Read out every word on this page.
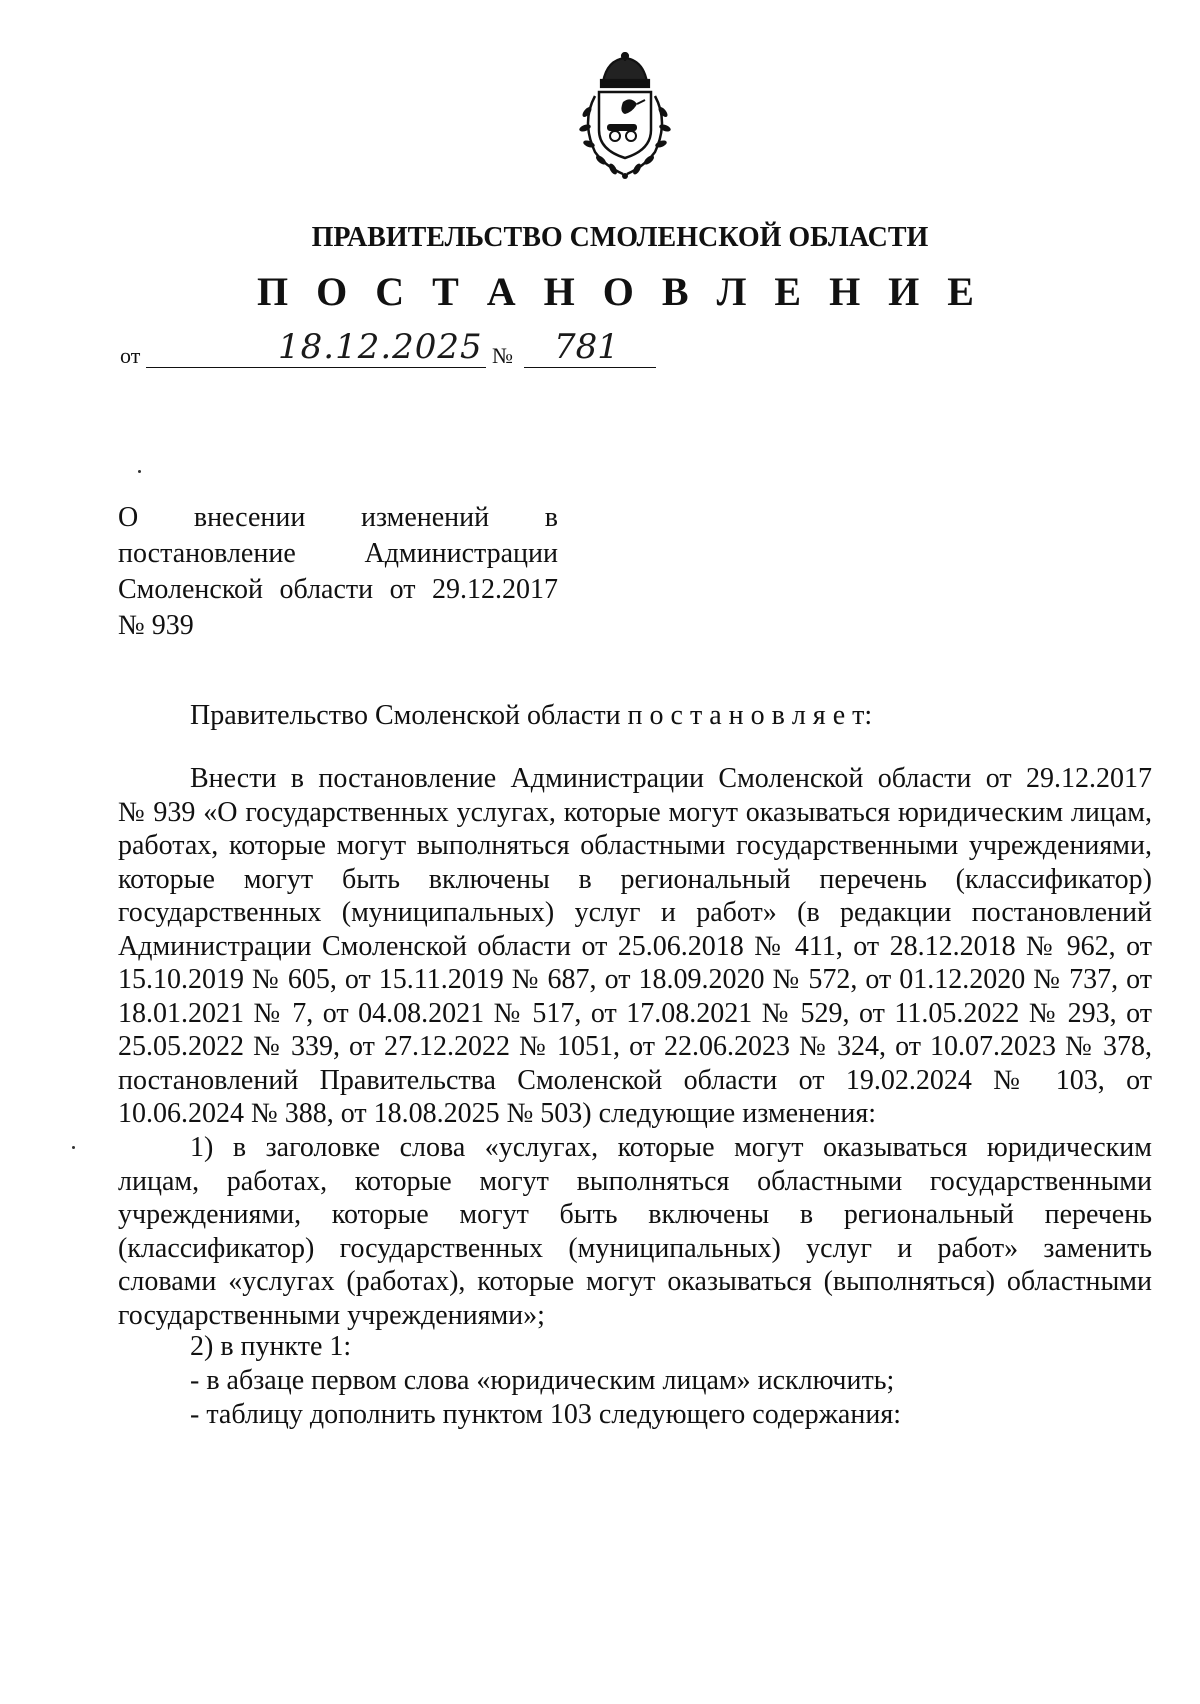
ПРАВИТЕЛЬСТВО СМОЛЕНСКОЙ ОБЛАСТИ
П О С Т А Н О В Л Е Н И Е
от	18.12.2025 № 781
О внесении изменений в
постановление Администрации
Смоленской области от 29.12.2017
№ 939
Правительство Смоленской области п о с т а н о в л я е т:
Внести в постановление Администрации Смоленской области от 29.12.2017
№ 939 «О государственных услугах, которые могут оказываться юридическим лицам,
работах, которые могут выполняться областными государственными учреждениями,
которые могут быть включены в региональный перечень (классификатор)
государственных (муниципальных) услуг и работ» (в редакции постановлений
Администрации Смоленской области от 25.06.2018 № 411, от 28.12.2018 № 962, от
15.10.2019 № 605, от 15.11.2019 № 687, от 18.09.2020 № 572, от 01.12.2020 № 737, от
18.01.2021 № 7, от 04.08.2021 № 517, от 17.08.2021 № 529, от 11.05.2022 № 293, от
25.05.2022 № 339, от 27.12.2022 № 1051, от 22.06.2023 № 324, от 10.07.2023 № 378,
постановлений Правительства Смоленской области от 19.02.2024 № 103, от
10.06.2024 № 388, от 18.08.2025 № 503) следующие изменения:
1) в заголовке слова «услугах, которые могут оказываться юридическим
лицам, работах, которые могут выполняться областными государственными
учреждениями, которые могут быть включены в региональный перечень
(классификатор) государственных (муниципальных) услуг и работ» заменить
словами «услугах (работах), которые могут оказываться (выполняться) областными
государственными учреждениями»;
2) в пункте 1:
- в абзаце первом слова «юридическим лицам» исключить;
- таблицу дополнить пунктом 103 следующего содержания:
